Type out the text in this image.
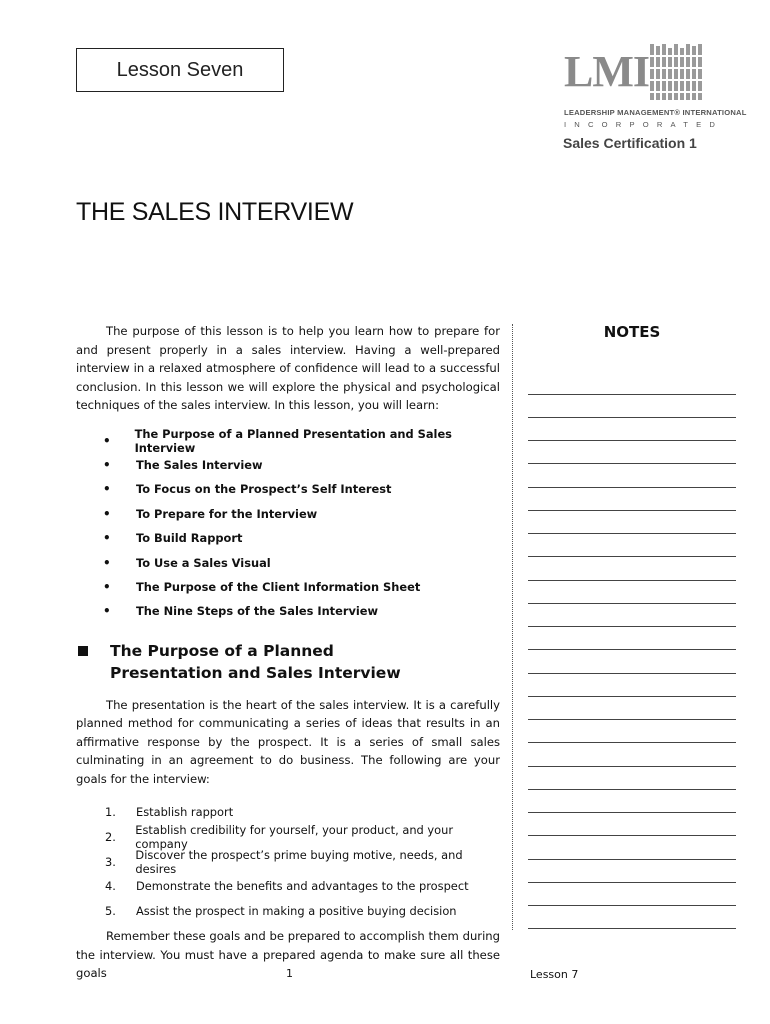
Lesson Seven	LMI
LEADERSHIP MANAGEMENT® INTERNATIONAL
INCORPORATED
Sales Certification 1
THE SALES INTERVIEW

The purpose of this lesson is to help you learn how to prepare for and present properly in a sales interview. Having a well-prepared interview in a relaxed atmosphere of confidence will lead to a successful conclusion. In this lesson we will explore the physical and psychological techniques of the sales interview. In this lesson, you will learn:

•	The Purpose of a Planned Presentation and Sales Interview
•	The Sales Interview
•	To Focus on the Prospect’s Self Interest
•	To Prepare for the Interview
•	To Build Rapport
•	To Use a Sales Visual
•	The Purpose of the Client Information Sheet
•	The Nine Steps of the Sales Interview
The Purpose of a Planned Presentation and Sales Interview

The presentation is the heart of the sales interview. It is a carefully planned method for communicating a series of ideas that results in an affirmative response by the prospect. It is a series of small sales culminating in an agreement to do business. The following are your goals for the interview:

1.	Establish rapport
2.	Establish credibility for yourself, your product, and your company
3.	Discover the prospect’s prime buying motive, needs, and desires
4.	Demonstrate the benefits and advantages to the prospect
5.	Assist the prospect in making a positive buying decision

Remember these goals and be prepared to accomplish them during the interview. You must have a prepared agenda to make sure all these goals

NOTES
1	Lesson 7
